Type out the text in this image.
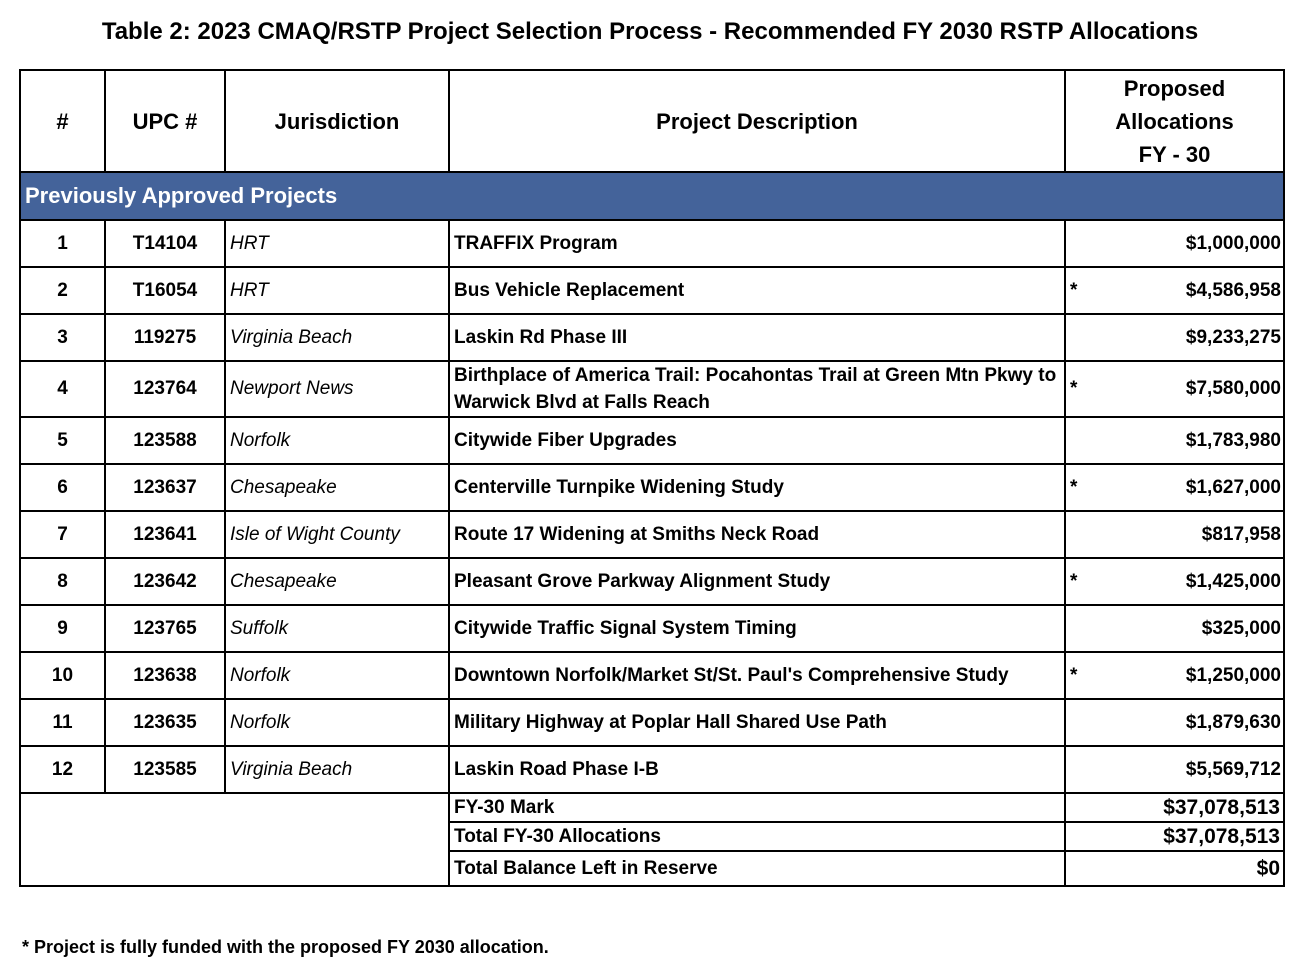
Table 2: 2023 CMAQ/RSTP Project Selection Process - Recommended FY 2030 RSTP Allocations
#	UPC #	Jurisdiction	Project Description	Proposed
Allocations
FY - 30

Previously Approved Projects				
1	T14104	HRT	TRAFFIX Program	$1,000,000

2	T16054	HRT	Bus Vehicle Replacement	* $4,586,958

3	119275	Virginia Beach	Laskin Rd Phase III	$9,233,275

4	123764	Newport News	Birthplace of America Trail: Pocahontas Trail at Green Mtn Pkwy to Warwick Blvd at Falls Reach	* $7,580,000

5	123588	Norfolk	Citywide Fiber Upgrades	$1,783,980

6	123637	Chesapeake	Centerville Turnpike Widening Study	* $1,627,000

7	123641	Isle of Wight County	Route 17 Widening at Smiths Neck Road	$817,958

8	123642	Chesapeake	Pleasant Grove Parkway Alignment Study	* $1,425,000

9	123765	Suffolk	Citywide Traffic Signal System Timing	$325,000

10	123638	Norfolk	Downtown Norfolk/Market St/St. Paul's Comprehensive Study	* $1,250,000

11	123635	Norfolk	Military Highway at Poplar Hall Shared Use Path	$1,879,630

12	123585	Virginia Beach	Laskin Road Phase I-B	$5,569,712

			FY-30 Mark	$37,078,513
			Total FY-30 Allocations	$37,078,513
			Total Balance Left in Reserve	$0
* Project is fully funded with the proposed FY 2030 allocation.
